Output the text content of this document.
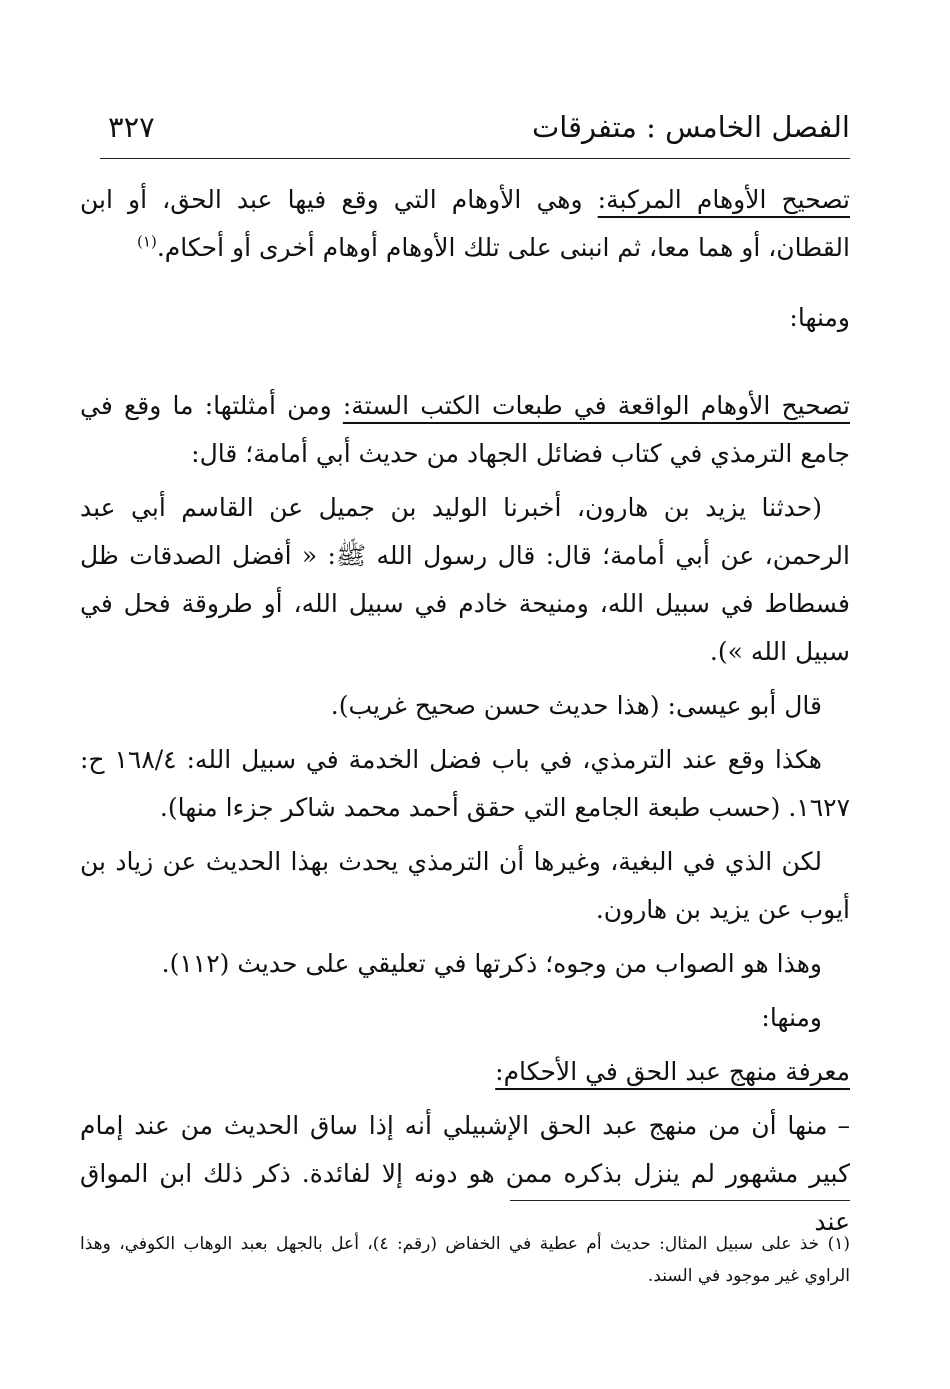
الفصل الخامس : متفرقات
٣٢٧

تصحيح الأوهام المركبة: وهي الأوهام التي وقع فيها عبد الحق، أو ابن القطان، أو هما معا، ثم انبنى على تلك الأوهام أوهام أخرى أو أحكام.$^{(١)}$

ومنها:

تصحيح الأوهام الواقعة في طبعات الكتب الستة: ومن أمثلتها: ما وقع في جامع الترمذي في كتاب فضائل الجهاد من حديث أبي أمامة؛ قال:

(حدثنا يزيد بن هارون، أخبرنا الوليد بن جميل عن القاسم أبي عبد الرحمن، عن أبي أمامة؛ قال: قال رسول الله ﷺ: « أفضل الصدقات ظل فسطاط في سبيل الله، ومنيحة خادم في سبيل الله، أو طروقة فحل في سبيل الله »).

قال أبو عيسى: (هذا حديث حسن صحيح غريب).

هكذا وقع عند الترمذي، في باب فضل الخدمة في سبيل الله: ١٦٨/٤ ح: ١٦٢٧. (حسب طبعة الجامع التي حقق أحمد محمد شاكر جزءا منها).

لكن الذي في البغية، وغيرها أن الترمذي يحدث بهذا الحديث عن زياد بن أيوب عن يزيد بن هارون.

وهذا هو الصواب من وجوه؛ ذكرتها في تعليقي على حديث (١١٢).

ومنها:

معرفة منهج عبد الحق في الأحكام:

–منها أن من منهج عبد الحق الإشبيلي أنه إذا ساق الحديث من عند إمام كبير مشهور لم ينزل بذكره ممن هو دونه إلا لفائدة. ذكر ذلك ابن المواق عند

(١) خذ على سبيل المثال: حديث أم عطية في الخفاض (رقم: ٤)، أعل بالجهل بعبد الوهاب الكوفي، وهذا الراوي غير موجود في السند.
